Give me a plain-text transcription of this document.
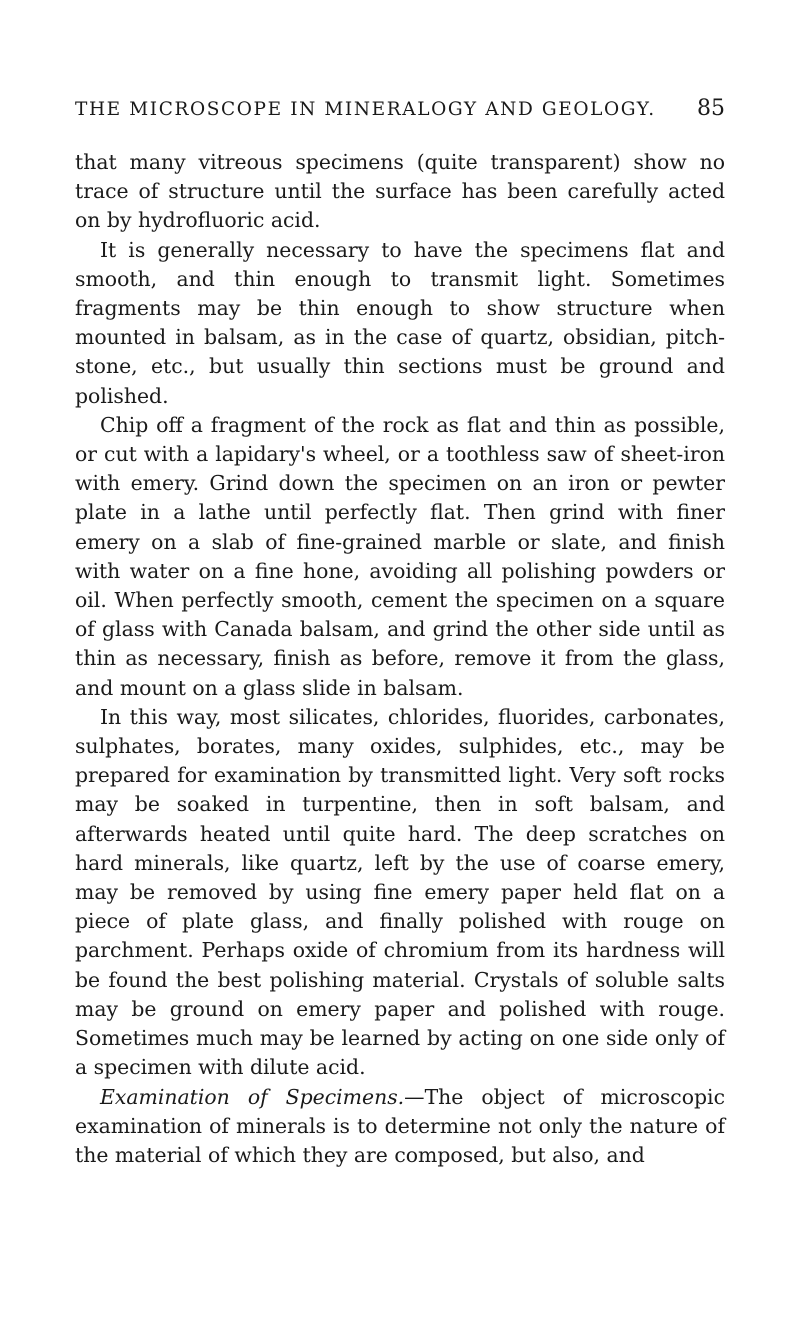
THE MICROSCOPE IN MINERALOGY AND GEOLOGY. 85

that many vitreous specimens (quite transparent) show no trace of structure until the surface has been carefully acted on by hydrofluoric acid.

It is generally necessary to have the specimens flat and smooth, and thin enough to transmit light. Sometimes fragments may be thin enough to show structure when mounted in balsam, as in the case of quartz, obsidian, pitch-stone, etc., but usually thin sections must be ground and polished.

Chip off a fragment of the rock as flat and thin as possible, or cut with a lapidary's wheel, or a toothless saw of sheet-iron with emery. Grind down the specimen on an iron or pewter plate in a lathe until perfectly flat. Then grind with finer emery on a slab of fine-grained marble or slate, and finish with water on a fine hone, avoiding all polishing powders or oil. When perfectly smooth, cement the specimen on a square of glass with Canada balsam, and grind the other side until as thin as necessary, finish as before, remove it from the glass, and mount on a glass slide in balsam.

In this way, most silicates, chlorides, fluorides, carbonates, sulphates, borates, many oxides, sulphides, etc., may be prepared for examination by transmitted light. Very soft rocks may be soaked in turpentine, then in soft balsam, and afterwards heated until quite hard. The deep scratches on hard minerals, like quartz, left by the use of coarse emery, may be removed by using fine emery paper held flat on a piece of plate glass, and finally polished with rouge on parchment. Perhaps oxide of chromium from its hardness will be found the best polishing material. Crystals of soluble salts may be ground on emery paper and polished with rouge. Sometimes much may be learned by acting on one side only of a specimen with dilute acid.

Examination of Specimens.—The object of microscopic examination of minerals is to determine not only the nature of the material of which they are composed, but also, and
